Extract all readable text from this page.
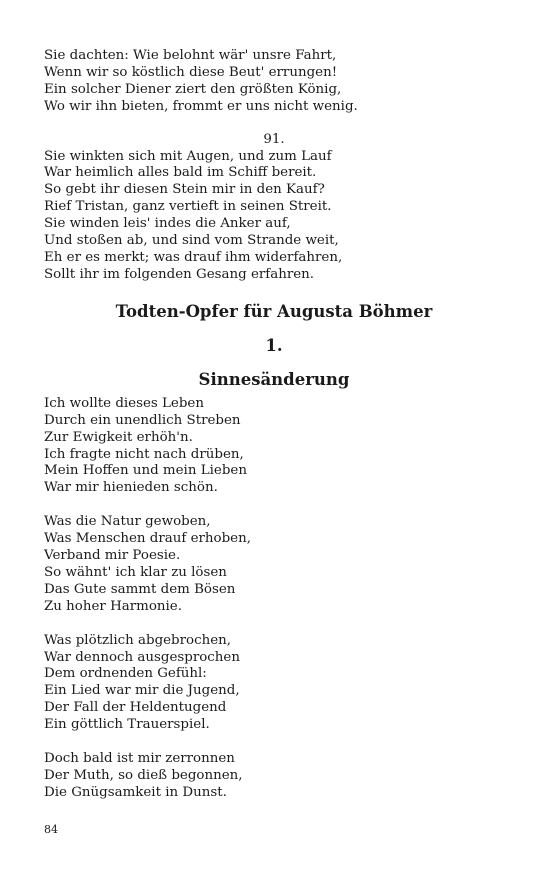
Sie dachten: Wie belohnt wär' unsre Fahrt,
Wenn wir so köstlich diese Beut' errungen!
Ein solcher Diener ziert den größten König,
Wo wir ihn bieten, frommt er uns nicht wenig.
91.
Sie winkten sich mit Augen, und zum Lauf
War heimlich alles bald im Schiff bereit.
So gebt ihr diesen Stein mir in den Kauf?
Rief Tristan, ganz vertieft in seinen Streit.
Sie winden leis' indes die Anker auf,
Und stoßen ab, und sind vom Strande weit,
Eh er es merkt; was drauf ihm widerfahren,
Sollt ihr im folgenden Gesang erfahren.
Todten-Opfer für Augusta Böhmer
1.
Sinnesänderung
Ich wollte dieses Leben
Durch ein unendlich Streben
Zur Ewigkeit erhöh'n.
Ich fragte nicht nach drüben,
Mein Hoffen und mein Lieben
War mir hienieden schön.
Was die Natur gewoben,
Was Menschen drauf erhoben,
Verband mir Poesie.
So wähnt' ich klar zu lösen
Das Gute sammt dem Bösen
Zu hoher Harmonie.
Was plötzlich abgebrochen,
War dennoch ausgesprochen
Dem ordnenden Gefühl:
Ein Lied war mir die Jugend,
Der Fall der Heldentugend
Ein göttlich Trauerspiel.
Doch bald ist mir zerronnen
Der Muth, so dieß begonnen,
Die Gnügsamkeit in Dunst.
84
